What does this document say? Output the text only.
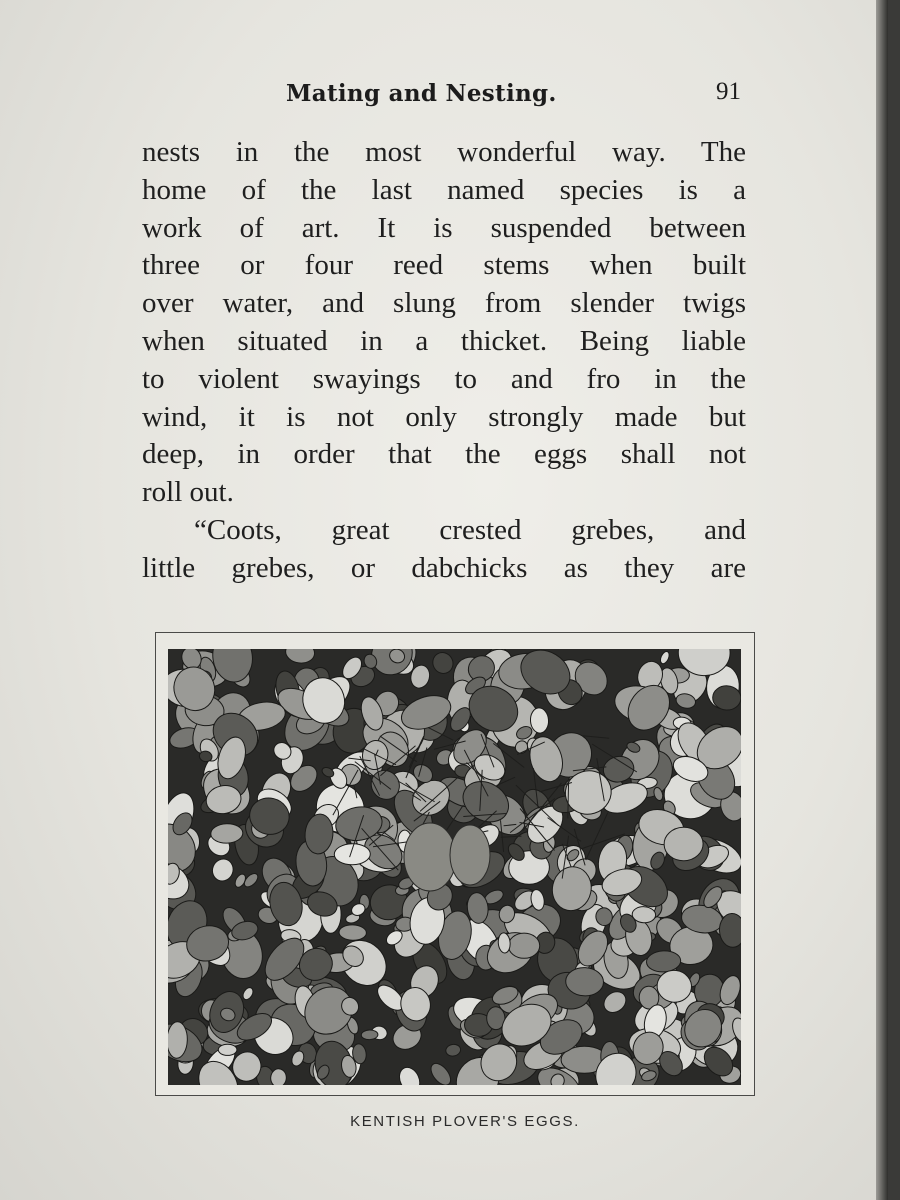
Mating and Nesting.	91
nests in the most wonderful way. The
home of the last named species is a
work of art. It is suspended between
three or four reed stems when built
over water, and slung from slender twigs
when situated in a thicket. Being liable
to violent swayings to and fro in the
wind, it is not only strongly made but
deep, in order that the eggs shall not
roll out.
“Coots, great crested grebes, and
little grebes, or dabchicks as they are
KENTISH PLOVER'S EGGS.
